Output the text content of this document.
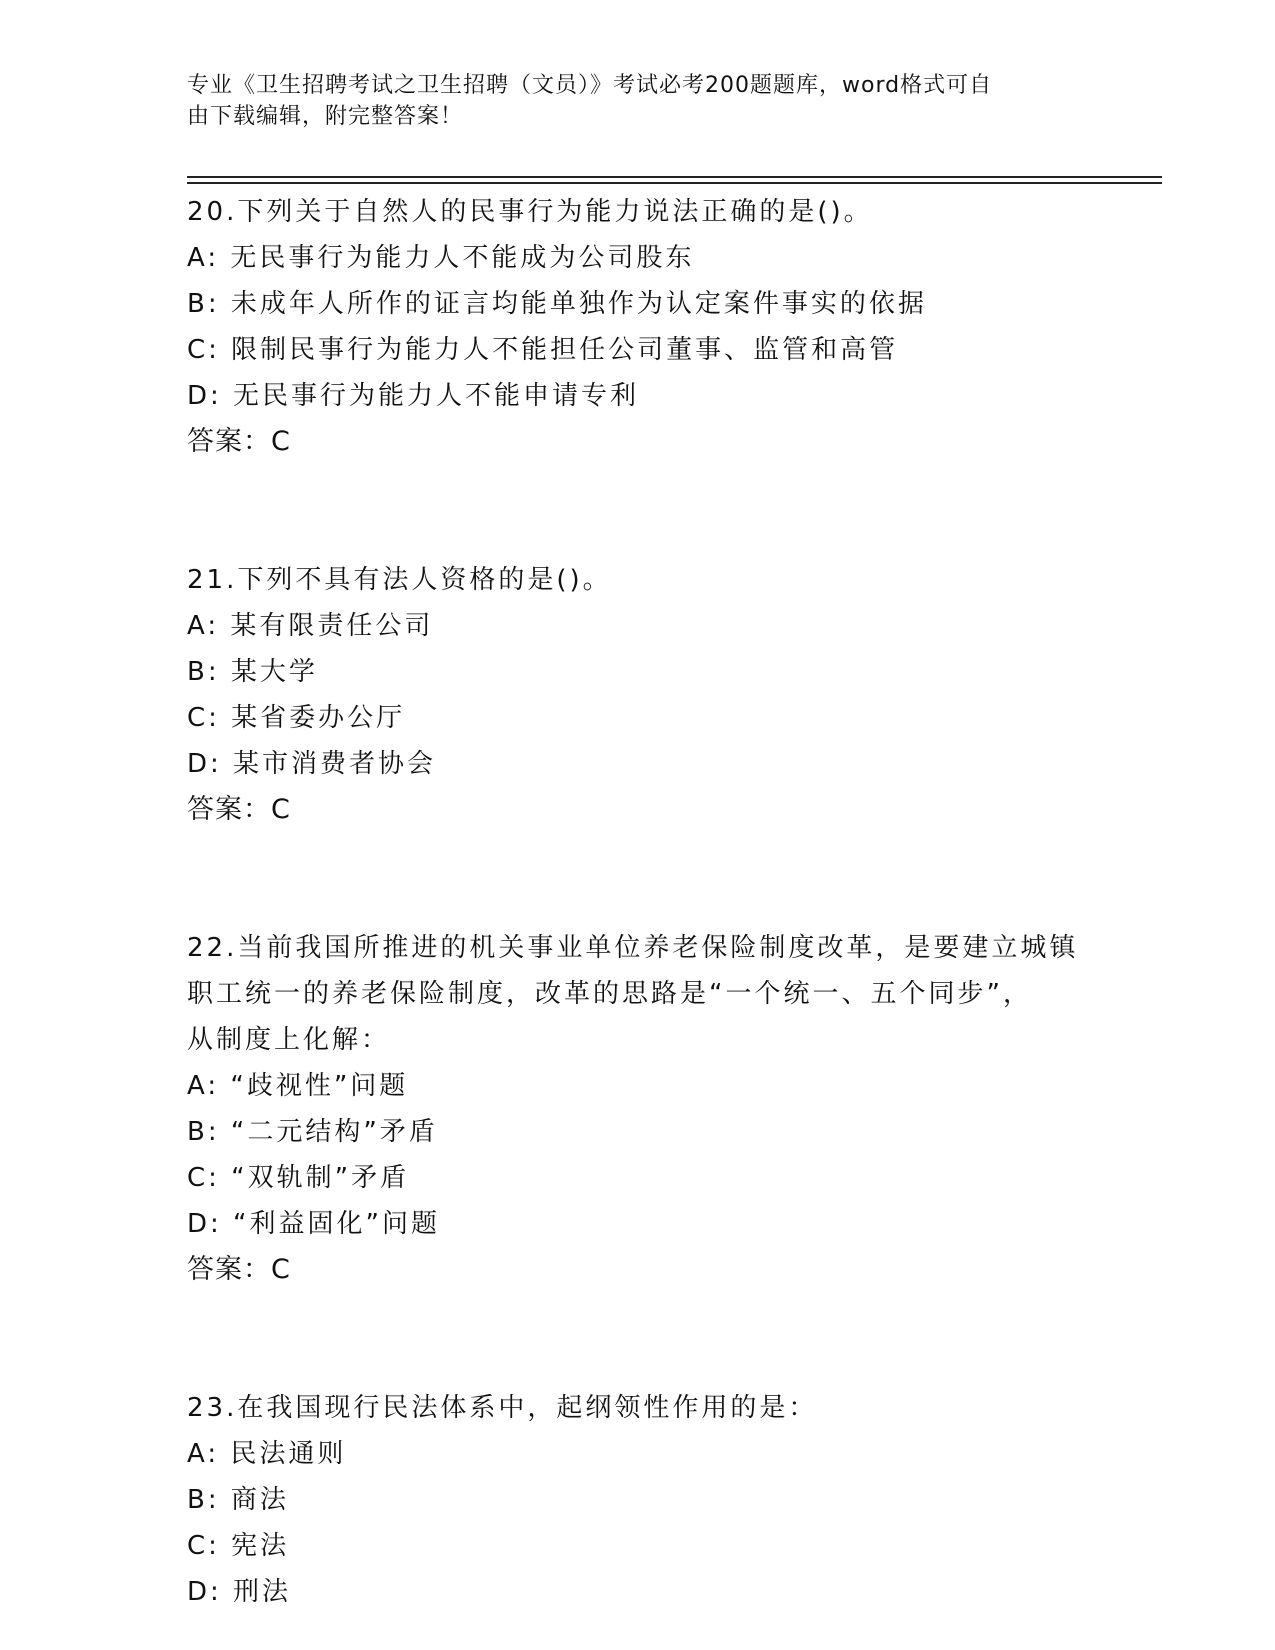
专业《卫生招聘考试之卫生招聘（文员）》考试必考200题题库，word格式可自
由下载编辑，附完整答案！
20.下列关于自然人的民事行为能力说法正确的是()。
A: 无民事行为能力人不能成为公司股东
B: 未成年人所作的证言均能单独作为认定案件事实的依据
C: 限制民事行为能力人不能担任公司董事、监管和高管
D: 无民事行为能力人不能申请专利
答案：C
21.下列不具有法人资格的是()。
A: 某有限责任公司
B: 某大学
C: 某省委办公厅
D: 某市消费者协会
答案：C
22.当前我国所推进的机关事业单位养老保险制度改革，是要建立城镇
职工统一的养老保险制度，改革的思路是“一个统一、五个同步”，
从制度上化解：
A: “歧视性”问题
B: “二元结构”矛盾
C: “双轨制”矛盾
D: “利益固化”问题
答案：C
23.在我国现行民法体系中，起纲领性作用的是：
A: 民法通则
B: 商法
C: 宪法
D: 刑法
